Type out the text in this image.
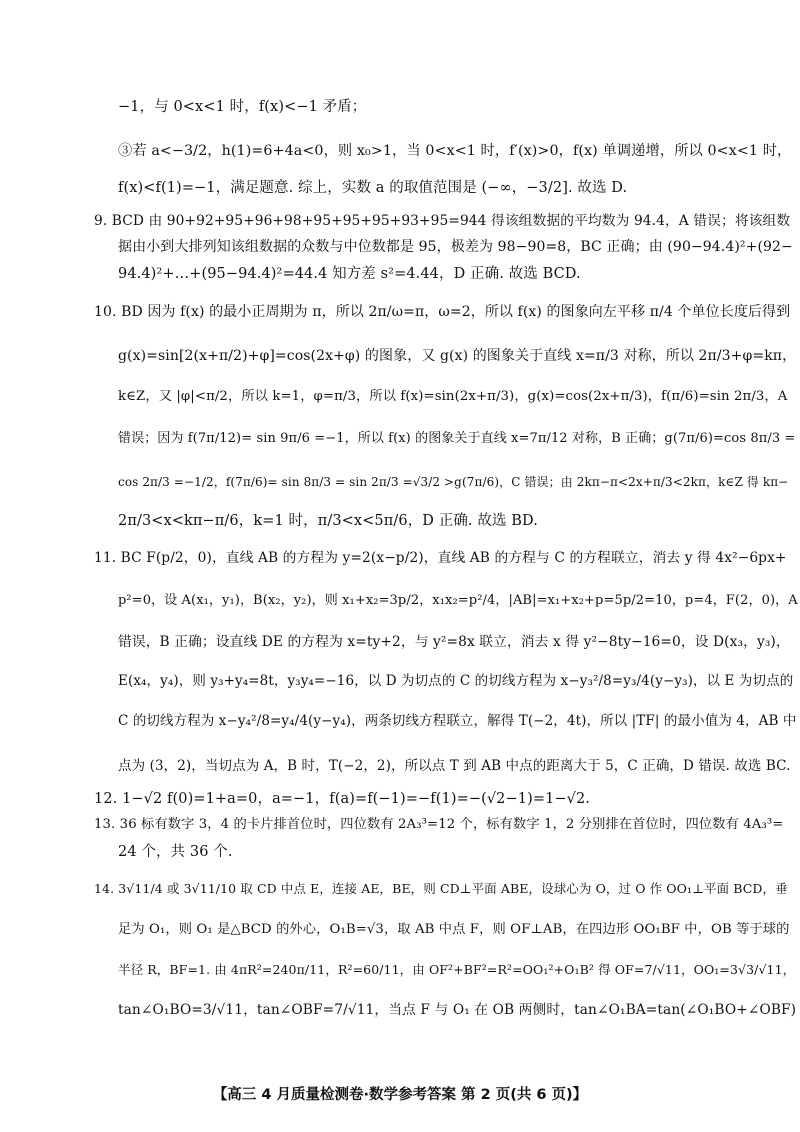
−1，与 0<x<1 时，f(x)<−1 矛盾；
③若 a<−3/2，h(1)=6+4a<0，则 x₀>1，当 0<x<1 时，f′(x)>0，f(x) 单调递增，所以 0<x<1 时，
f(x)<f(1)=−1，满足题意. 综上，实数 a 的取值范围是 (−∞，−3/2]. 故选 D.
9. BCD 由 90+92+95+96+98+95+95+95+93+95=944 得该组数据的平均数为 94.4，A 错误；将该组数
据由小到大排列知该组数据的众数与中位数都是 95，极差为 98−90=8，BC 正确；由 (90−94.4)²+(92−
94.4)²+…+(95−94.4)²=44.4 知方差 s²=4.44，D 正确. 故选 BCD.
10. BD 因为 f(x) 的最小正周期为 π，所以 2π/ω=π，ω=2，所以 f(x) 的图象向左平移 π/4 个单位长度后得到
g(x)=sin[2(x+π/2)+φ]=cos(2x+φ) 的图象，又 g(x) 的图象关于直线 x=π/3 对称，所以 2π/3+φ=kπ，
k∈Z，又 |φ|<π/2，所以 k=1，φ=π/3，所以 f(x)=sin(2x+π/3)，g(x)=cos(2x+π/3)，f(π/6)=sin 2π/3，A
错误；因为 f(7π/12)= sin 9π/6 =−1，所以 f(x) 的图象关于直线 x=7π/12 对称，B 正确；g(7π/6)=cos 8π/3 =
cos 2π/3 =−1/2，f(7π/6)= sin 8π/3 = sin 2π/3 =√3/2 >g(7π/6)，C 错误；由 2kπ−π<2x+π/3<2kπ，k∈Z 得 kπ−
2π/3<x<kπ−π/6，k=1 时，π/3<x<5π/6，D 正确. 故选 BD.
11. BC F(p/2，0)，直线 AB 的方程为 y=2(x−p/2)，直线 AB 的方程与 C 的方程联立，消去 y 得 4x²−6px+
p²=0，设 A(x₁，y₁)，B(x₂，y₂)，则 x₁+x₂=3p/2，x₁x₂=p²/4，|AB|=x₁+x₂+p=5p/2=10，p=4，F(2，0)，A
错误，B 正确；设直线 DE 的方程为 x=ty+2，与 y²=8x 联立，消去 x 得 y²−8ty−16=0，设 D(x₃，y₃)，
E(x₄，y₄)，则 y₃+y₄=8t，y₃y₄=−16，以 D 为切点的 C 的切线方程为 x−y₃²/8=y₃/4(y−y₃)，以 E 为切点的
C 的切线方程为 x−y₄²/8=y₄/4(y−y₄)，两条切线方程联立，解得 T(−2，4t)，所以 |TF| 的最小值为 4，AB 中
点为 (3，2)，当切点为 A，B 时，T(−2，2)，所以点 T 到 AB 中点的距离大于 5，C 正确，D 错误. 故选 BC.
12. 1−√2 f(0)=1+a=0，a=−1，f(a)=f(−1)=−f(1)=−(√2−1)=1−√2.
13. 36 标有数字 3，4 的卡片排首位时，四位数有 2A₃³=12 个，标有数字 1，2 分别排在首位时，四位数有 4A₃³=
24 个，共 36 个.
14. 3√11/4 或 3√11/10 取 CD 中点 E，连接 AE，BE，则 CD⊥平面 ABE，设球心为 O，过 O 作 OO₁⊥平面 BCD，垂
足为 O₁，则 O₁ 是△BCD 的外心，O₁B=√3，取 AB 中点 F，则 OF⊥AB，在四边形 OO₁BF 中，OB 等于球的
半径 R，BF=1. 由 4πR²=240π/11，R²=60/11，由 OF²+BF²=R²=OO₁²+O₁B² 得 OF=7/√11，OO₁=3√3/√11，
tan∠O₁BO=3/√11，tan∠OBF=7/√11，当点 F 与 O₁ 在 OB 两侧时，tan∠O₁BA=tan(∠O₁BO+∠OBF)
【高三 4 月质量检测卷·数学参考答案 第 2 页(共 6 页)】
